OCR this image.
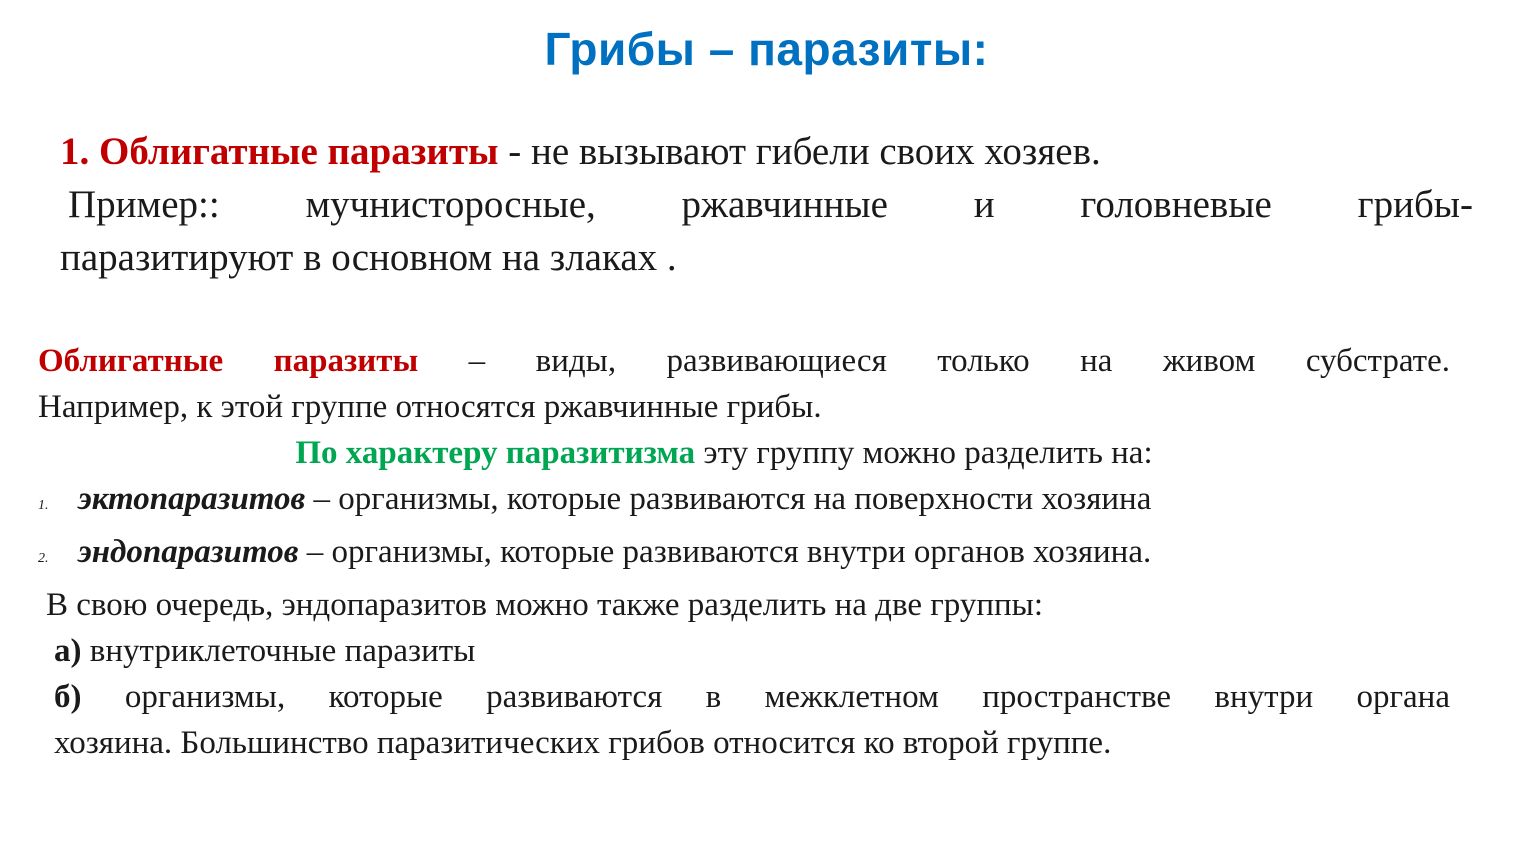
Грибы – паразиты:
1. Облигатные паразиты - не вызывают гибели своих хозяев.
Пример:: мучнисторосные, ржавчинные и головневые грибы-
паразитируют в основном на злаках .
Облигатные паразиты – виды, развивающиеся только на живом субстрате.
Например, к этой группе относятся ржавчинные грибы.
По характеру паразитизма эту группу можно разделить на:
1. эктопаразитов – организмы, которые развиваются на поверхности хозяина
2. эндопаразитов – организмы, которые развиваются внутри органов хозяина.
В свою очередь, эндопаразитов можно также разделить на две группы:
а) внутриклеточные паразиты
б) организмы, которые развиваются в межклетном пространстве внутри органа
хозяина. Большинство паразитических грибов относится ко второй группе.
